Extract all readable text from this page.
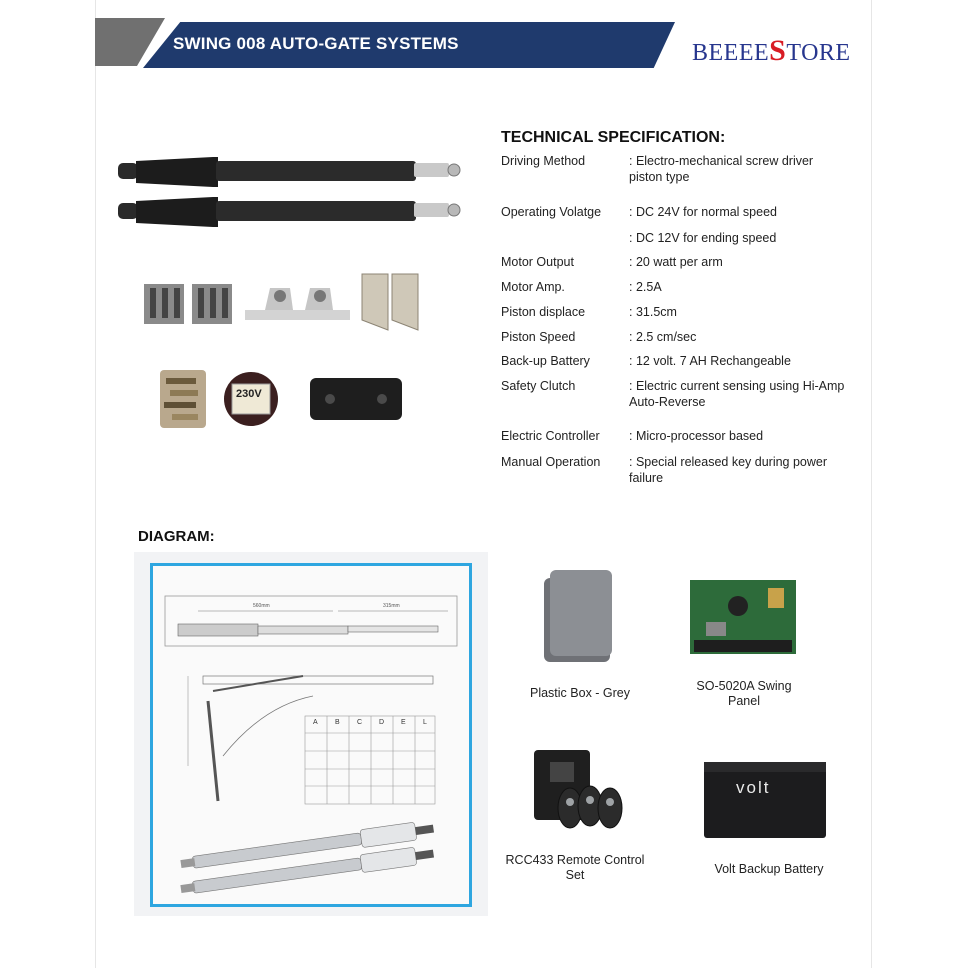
SWING 008 AUTO-GATE SYSTEMS	BEEEESTORE
230V
TECHNICAL SPECIFICATION:
Driving Method	: Electro-mechanical screw driver piston type
Operating Volatge	: DC 24V for normal speed
: DC 12V for ending speed
Motor Output	: 20 watt per arm
Motor Amp.	: 2.5A
Piston displace	: 31.5cm
Piston Speed	: 2.5 cm/sec
Back-up Battery	: 12 volt. 7 AH Rechangeable
Safety Clutch	: Electric current sensing using Hi-Amp Auto-Reverse
Electric Controller	: Micro-processor based
Manual Operation	: Special released key during power failure
DIAGRAM:
560mm	315mm
A B C D E L
Plastic Box - Grey	SO-5020A Swing Panel
RCC433 Remote Control Set
volt
Volt Backup Battery
